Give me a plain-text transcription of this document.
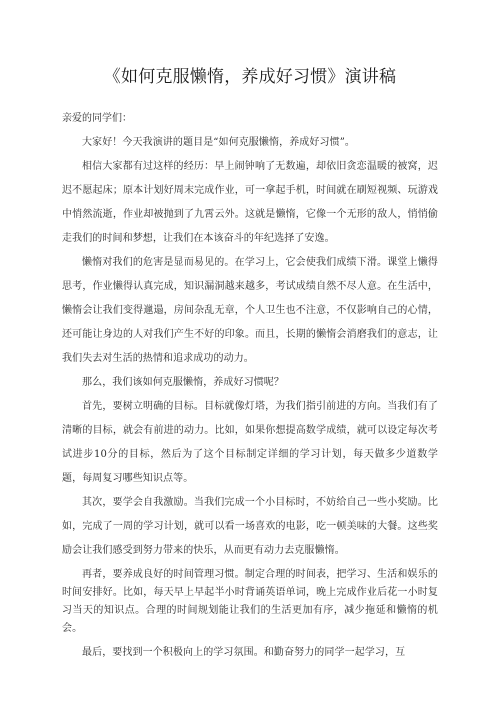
《如何克服懒惰，养成好习惯》演讲稿

亲爱的同学们：

大家好！今天我演讲的题目是“如何克服懒惰，养成好习惯”。

相信大家都有过这样的经历：早上闹钟响了无数遍，却依旧贪恋温暖的被窝，迟迟不愿起床；原本计划好周末完成作业，可一拿起手机，时间就在刷短视频、玩游戏中悄然流逝，作业却被抛到了九霄云外。这就是懒惰，它像一个无形的敌人，悄悄偷走我们的时间和梦想，让我们在本该奋斗的年纪选择了安逸。

懒惰对我们的危害是显而易见的。在学习上，它会使我们成绩下滑。课堂上懒得思考，作业懒得认真完成，知识漏洞越来越多，考试成绩自然不尽人意。在生活中，懒惰会让我们变得邋遢，房间杂乱无章，个人卫生也不注意，不仅影响自己的心情，还可能让身边的人对我们产生不好的印象。而且，长期的懒惰会消磨我们的意志，让我们失去对生活的热情和追求成功的动力。

那么，我们该如何克服懒惰，养成好习惯呢？

首先，要树立明确的目标。目标就像灯塔，为我们指引前进的方向。当我们有了清晰的目标，就会有前进的动力。比如，如果你想提高数学成绩，就可以设定每次考试进步10分的目标，然后为了这个目标制定详细的学习计划，每天做多少道数学题，每周复习哪些知识点等。

其次，要学会自我激励。当我们完成一个小目标时，不妨给自己一些小奖励。比如，完成了一周的学习计划，就可以看一场喜欢的电影，吃一顿美味的大餐。这些奖励会让我们感受到努力带来的快乐，从而更有动力去克服懒惰。

再者，要养成良好的时间管理习惯。制定合理的时间表，把学习、生活和娱乐的时间安排好。比如，每天早上早起半小时背诵英语单词，晚上完成作业后花一小时复习当天的知识点。合理的时间规划能让我们的生活更加有序，减少拖延和懒惰的机会。

最后，要找到一个积极向上的学习氛围。和勤奋努力的同学一起学习，互
